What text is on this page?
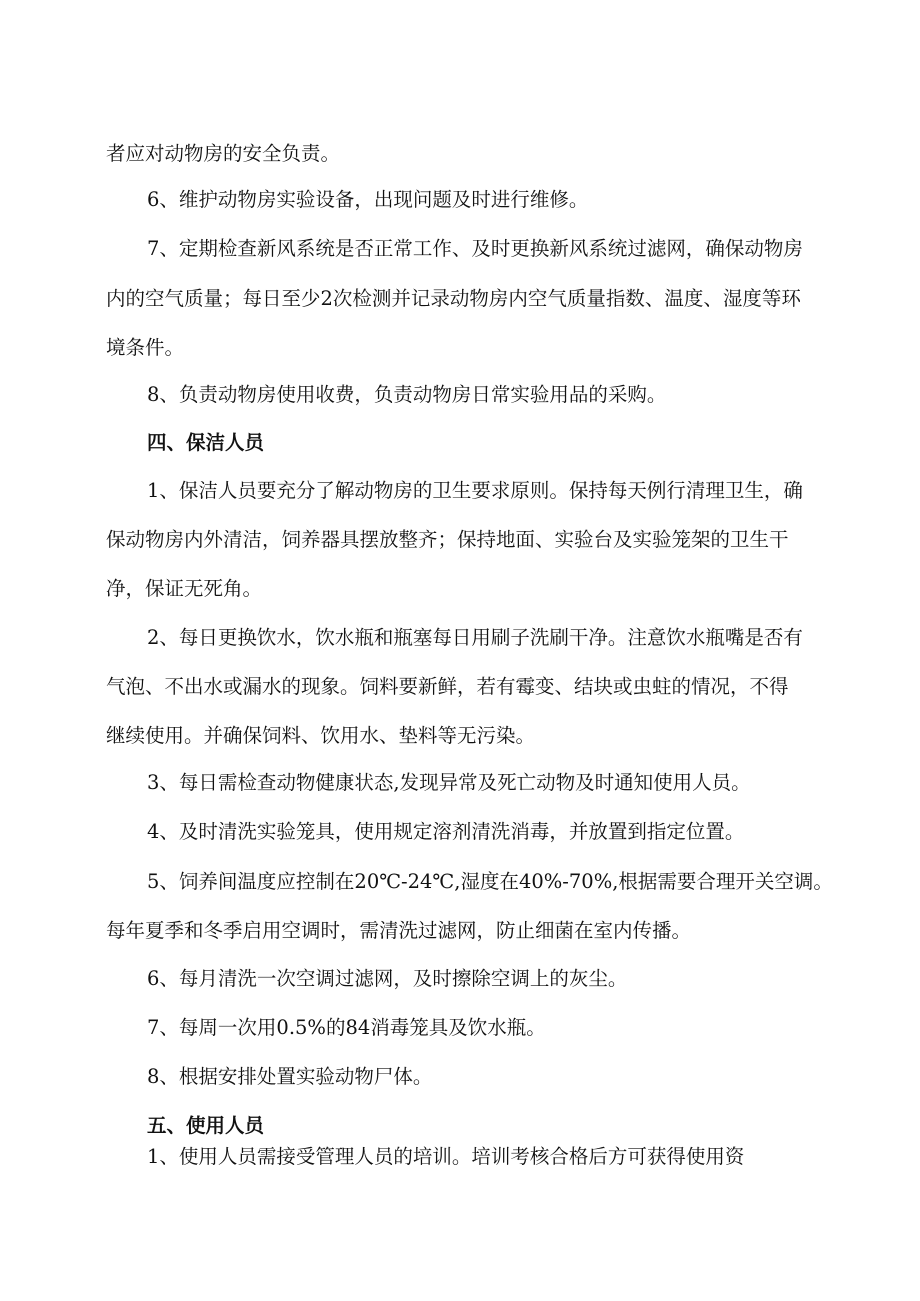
者应对动物房的安全负责。
6、维护动物房实验设备，出现问题及时进行维修。
7、定期检查新风系统是否正常工作、及时更换新风系统过滤网，确保动物房
内的空气质量；每日至少2次检测并记录动物房内空气质量指数、温度、湿度等环
境条件。
8、负责动物房使用收费，负责动物房日常实验用品的采购。
四、保洁人员
1、保洁人员要充分了解动物房的卫生要求原则。保持每天例行清理卫生，确
保动物房内外清洁，饲养器具摆放整齐；保持地面、实验台及实验笼架的卫生干
净，保证无死角。
2、每日更换饮水，饮水瓶和瓶塞每日用刷子洗刷干净。注意饮水瓶嘴是否有
气泡、不出水或漏水的现象。饲料要新鲜，若有霉变、结块或虫蛀的情况，不得
继续使用。并确保饲料、饮用水、垫料等无污染。
3、每日需检查动物健康状态,发现异常及死亡动物及时通知使用人员。
4、及时清洗实验笼具，使用规定溶剂清洗消毒，并放置到指定位置。
5、饲养间温度应控制在20℃-24℃,湿度在40%-70%,根据需要合理开关空调。
每年夏季和冬季启用空调时，需清洗过滤网，防止细菌在室内传播。
6、每月清洗一次空调过滤网，及时擦除空调上的灰尘。
7、每周一次用0.5%的84消毒笼具及饮水瓶。
8、根据安排处置实验动物尸体。
五、使用人员
1、使用人员需接受管理人员的培训。培训考核合格后方可获得使用资
